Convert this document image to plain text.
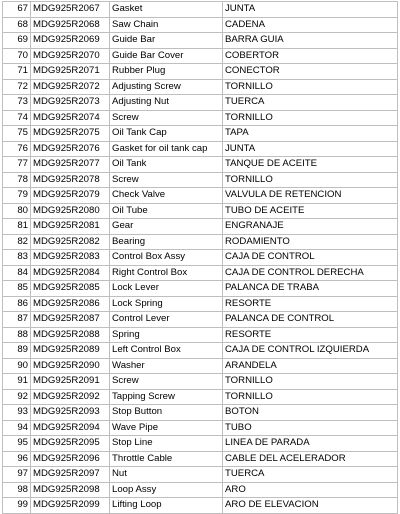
67	MDG925R2067	Gasket	JUNTA
68	MDG925R2068	Saw Chain	CADENA
69	MDG925R2069	Guide Bar	BARRA GUIA
70	MDG925R2070	Guide Bar Cover	COBERTOR
71	MDG925R2071	Rubber Plug	CONECTOR
72	MDG925R2072	Adjusting Screw	TORNILLO
73	MDG925R2073	Adjusting Nut	TUERCA
74	MDG925R2074	Screw	TORNILLO
75	MDG925R2075	Oil Tank Cap	TAPA
76	MDG925R2076	Gasket for oil tank cap	JUNTA
77	MDG925R2077	Oil Tank	TANQUE DE ACEITE
78	MDG925R2078	Screw	TORNILLO
79	MDG925R2079	Check Valve	VALVULA DE RETENCION
80	MDG925R2080	Oil Tube	TUBO DE ACEITE
81	MDG925R2081	Gear	ENGRANAJE
82	MDG925R2082	Bearing	RODAMIENTO
83	MDG925R2083	Control Box Assy	CAJA DE CONTROL
84	MDG925R2084	Right Control Box	CAJA DE CONTROL DERECHA
85	MDG925R2085	Lock Lever	PALANCA DE TRABA
86	MDG925R2086	Lock Spring	RESORTE
87	MDG925R2087	Control Lever	PALANCA DE CONTROL
88	MDG925R2088	Spring	RESORTE
89	MDG925R2089	Left Control Box	CAJA DE CONTROL IZQUIERDA
90	MDG925R2090	Washer	ARANDELA
91	MDG925R2091	Screw	TORNILLO
92	MDG925R2092	Tapping Screw	TORNILLO
93	MDG925R2093	Stop Button	BOTON
94	MDG925R2094	Wave Pipe	TUBO
95	MDG925R2095	Stop Line	LINEA DE PARADA
96	MDG925R2096	Throttle Cable	CABLE DEL ACELERADOR
97	MDG925R2097	Nut	TUERCA
98	MDG925R2098	Loop Assy	ARO
99	MDG925R2099	Lifting Loop	ARO DE ELEVACION
